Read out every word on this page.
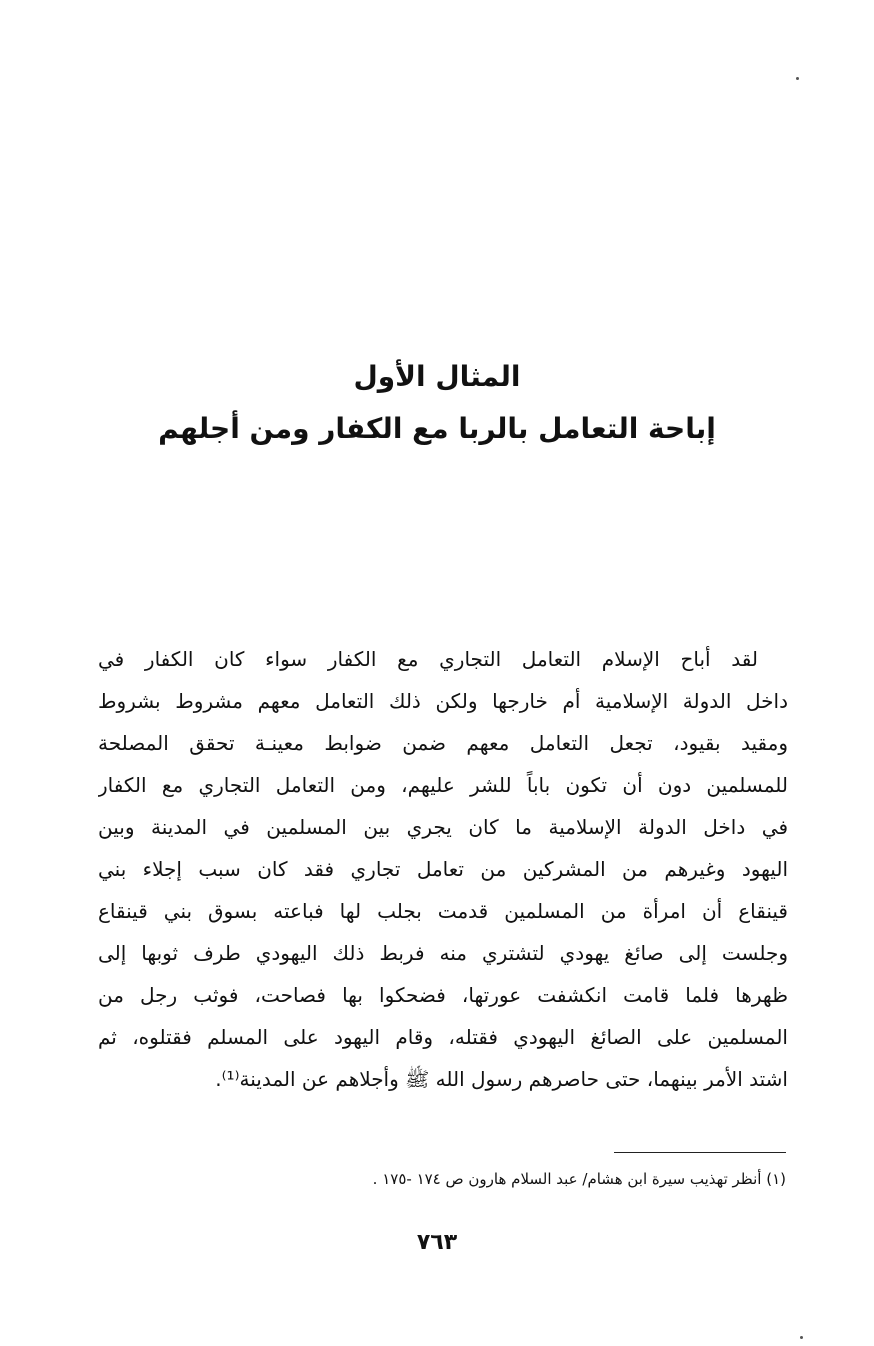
المثال الأول
إباحة التعامل بالربا مع الكفار ومن أجلهم
لقد أباح الإسلام التعامل التجاري مع الكفار سواء كان الكفار في
داخل الدولة الإسلامية أم خارجها ولكن ذلك التعامل معهم مشروط بشروط
ومقيد بقيود، تجعل التعامل معهم ضمن ضوابط معينـة تحقق المصلحة
للمسلمين دون أن تكون باباً للشر عليهم، ومن التعامل التجاري مع الكفار
في داخل الدولة الإسلامية ما كان يجري بين المسلمين في المدينة وبين
اليهود وغيرهم من المشركين من تعامل تجاري فقد كان سبب إجلاء بني
قينقاع أن امرأة من المسلمين قدمت بجلب لها فباعته بسوق بني قينقاع
وجلست إلى صائغ يهودي لتشتري منه فربط ذلك اليهودي طرف ثوبها إلى
ظهرها فلما قامت انكشفت عورتها، فضحكوا بها فصاحت، فوثب رجل من
المسلمين على الصائغ اليهودي فقتله، وقام اليهود على المسلم فقتلوه، ثم
اشتد الأمر بينهما، حتى حاصرهم رسول الله ﷺ وأجلاهم عن المدينة⁽¹⁾.
(١) أنظر تهذيب سيرة ابن هشام/ عبد السلام هارون ص ١٧٤ -١٧٥ .
٧٦٣
